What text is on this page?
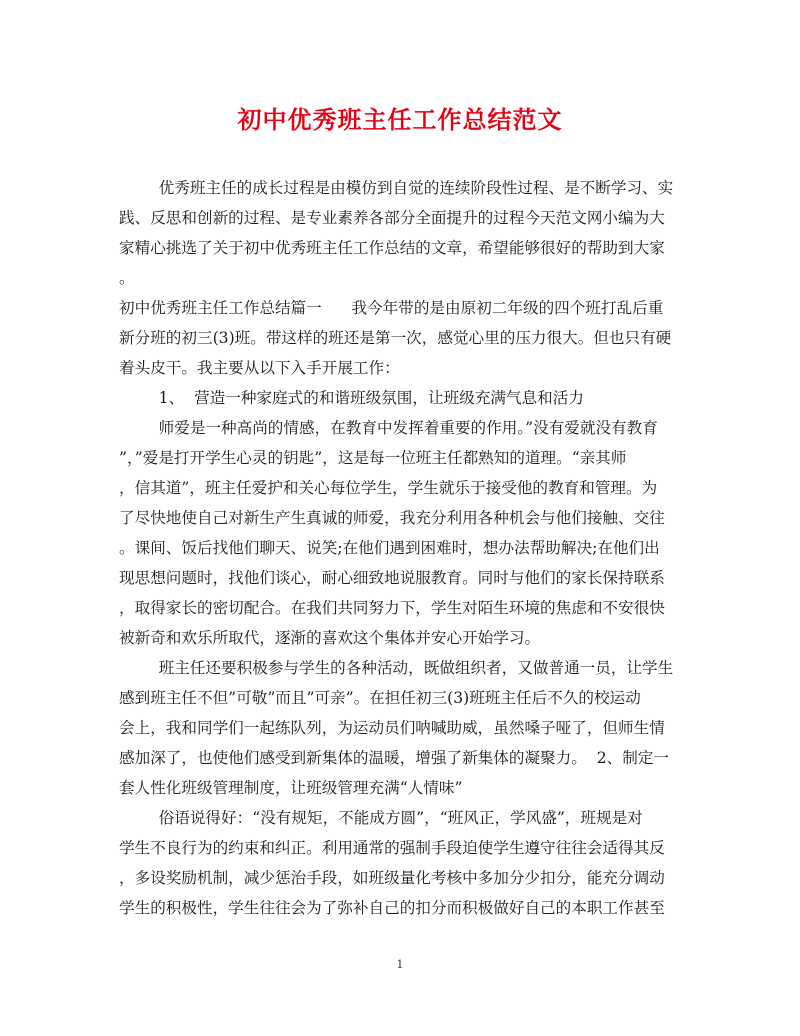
初中优秀班主任工作总结范文
优秀班主任的成长过程是由模仿到自觉的连续阶段性过程、是不断学习、实
践、反思和创新的过程、是专业素养各部分全面提升的过程今天范文网小编为大
家精心挑选了关于初中优秀班主任工作总结的文章，希望能够很好的帮助到大家
。
初中优秀班主任工作总结篇一      我今年带的是由原初二年级的四个班打乱后重
新分班的初三(3)班。带这样的班还是第一次，感觉心里的压力很大。但也只有硬
着头皮干。我主要从以下入手开展工作：
1、  营造一种家庭式的和谐班级氛围，让班级充满气息和活力
师爱是一种高尚的情感，在教育中发挥着重要的作用。”没有爱就没有教育
”，”爱是打开学生心灵的钥匙”，这是每一位班主任都熟知的道理。“亲其师
，信其道”，班主任爱护和关心每位学生，学生就乐于接受他的教育和管理。为
了尽快地使自己对新生产生真诚的师爱，我充分利用各种机会与他们接触、交往
。课间、饭后找他们聊天、说笑;在他们遇到困难时，想办法帮助解决;在他们出
现思想问题时，找他们谈心，耐心细致地说服教育。同时与他们的家长保持联系
，取得家长的密切配合。在我们共同努力下，学生对陌生环境的焦虑和不安很快
被新奇和欢乐所取代，逐渐的喜欢这个集体并安心开始学习。
班主任还要积极参与学生的各种活动，既做组织者，又做普通一员，让学生
感到班主任不但”可敬”而且”可亲”。在担任初三(3)班班主任后不久的校运动
会上，我和同学们一起练队列，为运动员们呐喊助威，虽然嗓子哑了，但师生情
感加深了，也使他们感受到新集体的温暖，增强了新集体的凝聚力。  2、制定一
套人性化班级管理制度，让班级管理充满“人情味”
俗语说得好：“没有规矩，不能成方圆”，“班风正，学风盛”，班规是对
学生不良行为的约束和纠正。利用通常的强制手段迫使学生遵守往往会适得其反
，多设奖励机制，减少惩治手段，如班级量化考核中多加分少扣分，能充分调动
学生的积极性，学生往往会为了弥补自己的扣分而积极做好自己的本职工作甚至
1
